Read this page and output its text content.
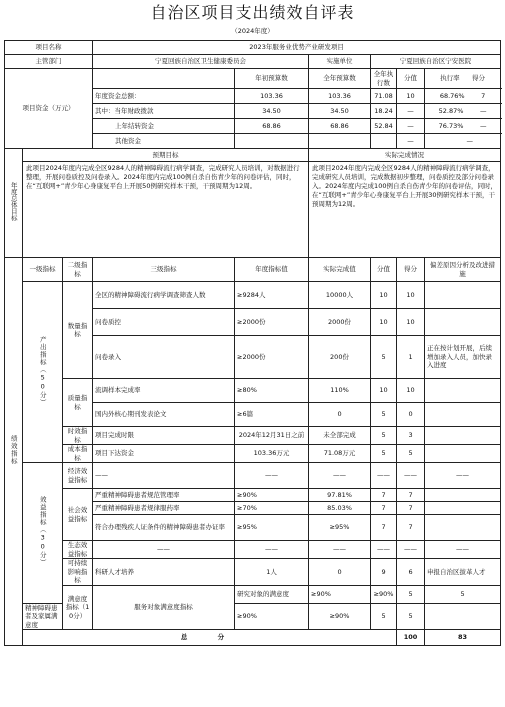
自治区项目支出绩效自评表
（2024年度）
项目名称			2023年服务业优势产业研发项目						
主管部门			宁夏回族自治区卫生健康委员会		实施单位	宁夏回族自治区宁安医院			
项目资金（万元）				年初预算数	全年预算数	全年执行数	分值	执行率 得分	
			年度资金总额：	103.36	103.36	71.08	10	68.76% 7	
			其中：当年财政拨款	34.50	34.50	18.24	—	52.87% —	
			上年结转资金	68.86	68.86	52.84	—	76.73% —	
			其他资金				—	—	
年度总体目标	预期目标				实际完成情况				
	此项目2024年度内完成全区9284人的精神障碍流行病学调查，完成研究人员培训，对数据进行整理，开展问卷质控及问卷录入。2024年度内完成100例自杀自伤青少年的问卷评估，同时，在“互联网+”青少年心身康复平台上开展50例研究样本干预，干预周期为12周。				此项目2024年度内完成全区9284人的精神障碍流行病学调查，完成研究人员培训，完成数据初步整理，问卷质控及部分问卷录入。2024年度内完成100例自杀自伤青少年的问卷评估，同时，在“互联网+”青少年心身康复平台上开展30例研究样本干预，干预周期为12周。				
绩效指标	一级指标	二级指标	三级指标	年度指标值	实际完成值	分值	得分	偏差原因分析及改进措施	
	产出指标（50分）	数量指标	全区的精神障碍流行病学调查筛查人数	≥9284人	10000人	10	10		
			问卷质控	≥2000份	2000份	10	10		
			问卷录入	≥2000份	200份	5	1	正在按计划开展，后续增加录入人员，加快录入进度	
		质量指标	流调样本完成率	≥80%	110%	10	10		
			国内外核心期刊发表论文	≥6篇	0	5	0		
		时效指标	项目完成时限	2024年12月31日之前	未全部完成	5	3		
		成本指标	项目下达资金	103.36万元	71.08万元	5	5		
	效益指标（30分）	经济效益指标	——	——	——	——	——	——	
		社会效益指标	严重精神障碍患者规范管理率	≥90%	97.81%	7	7		
			严重精神障碍患者规律服药率	≥70%	85.03%	7	7		
			符合办理残疾人证条件的精神障碍患者办证率	≥95%	≥95%	7	7		
		生态效益指标	——	——	——	——	——	——	
		可持续影响指标	科研人才培养	1人	0	9	6	申报自治区拔革人才	
		满意度指标（10分）	服务对象满意度指标	研究对象的满意度	≥90%	≥90%	5	5	
	精神障碍患者及家属满意度			≥90%	≥90%	5	5		
	总 分						100	83	
